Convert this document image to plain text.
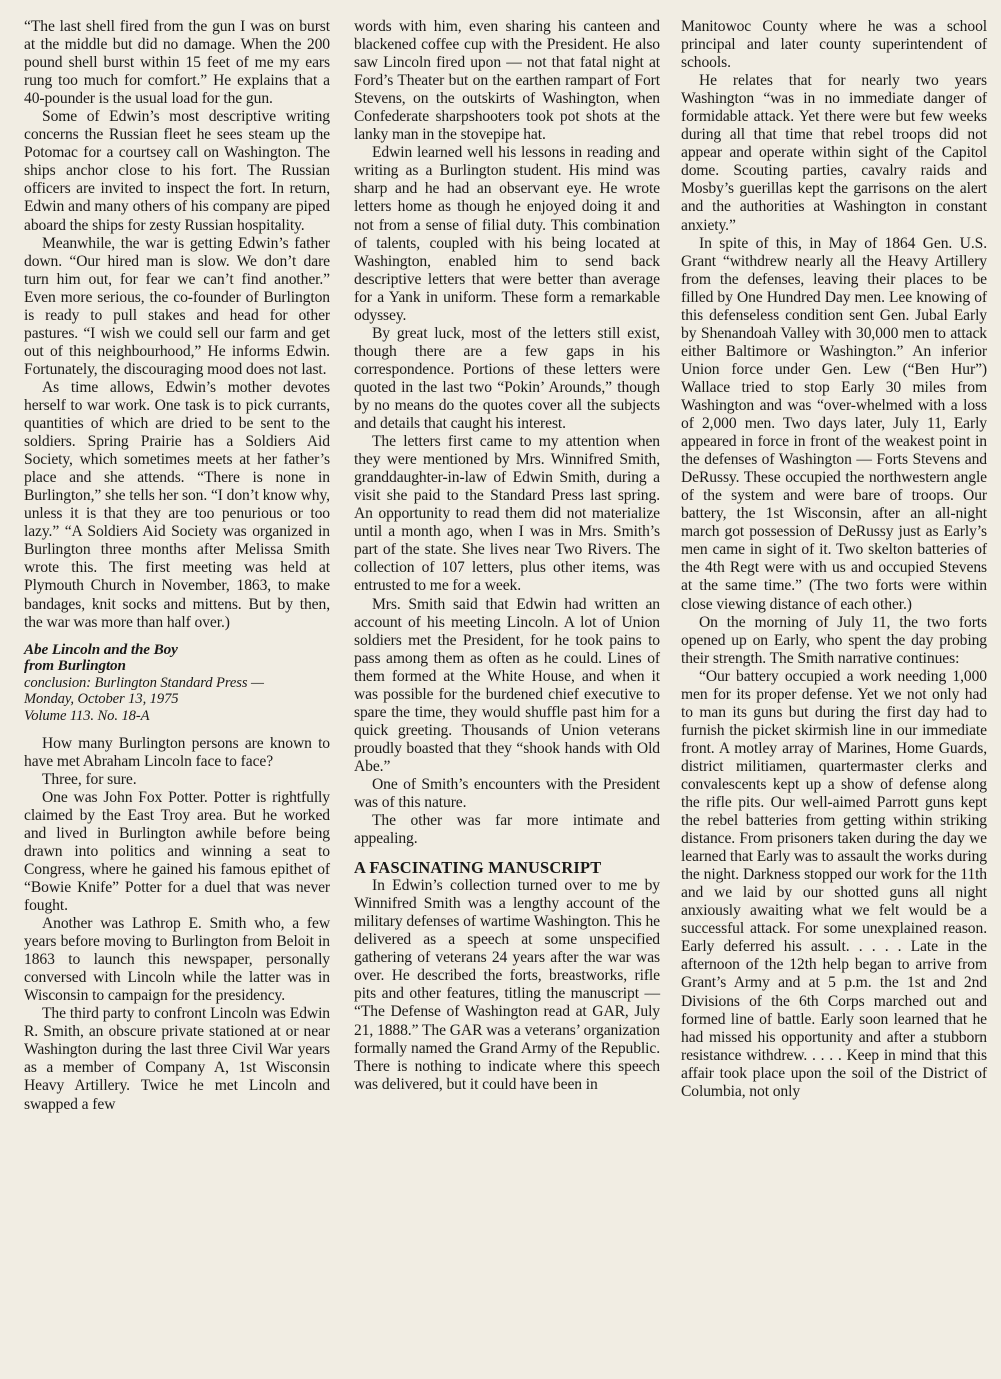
“The last shell fired from the gun I was on burst at the middle but did no damage. When the 200 pound shell burst within 15 feet of me my ears rung too much for comfort.” He explains that a 40-pounder is the usual load for the gun.

Some of Edwin’s most descriptive writing concerns the Russian fleet he sees steam up the Potomac for a courtsey call on Washington. The ships anchor close to his fort. The Russian officers are invited to inspect the fort. In return, Edwin and many others of his company are piped aboard the ships for zesty Russian hospitality.

Meanwhile, the war is getting Edwin’s father down. “Our hired man is slow. We don’t dare turn him out, for fear we can’t find another.” Even more serious, the co-founder of Burlington is ready to pull stakes and head for other pastures. “I wish we could sell our farm and get out of this neighbourhood,” He informs Edwin. Fortunately, the discouraging mood does not last.

As time allows, Edwin’s mother devotes herself to war work. One task is to pick currants, quantities of which are dried to be sent to the soldiers. Spring Prairie has a Soldiers Aid Society, which sometimes meets at her father’s place and she attends. “There is none in Burlington,” she tells her son. “I don’t know why, unless it is that they are too penurious or too lazy.” “A Soldiers Aid Society was organized in Burlington three months after Melissa Smith wrote this. The first meeting was held at Plymouth Church in November, 1863, to make bandages, knit socks and mittens. But by then, the war was more than half over.)

Abe Lincoln and the Boy
from Burlington
conclusion: Burlington Standard Press —
Monday, October 13, 1975
Volume 113. No. 18-A

How many Burlington persons are known to have met Abraham Lincoln face to face?

Three, for sure.

One was John Fox Potter. Potter is rightfully claimed by the East Troy area. But he worked and lived in Burlington awhile before being drawn into politics and winning a seat to Congress, where he gained his famous epithet of “Bowie Knife” Potter for a duel that was never fought.

Another was Lathrop E. Smith who, a few years before moving to Burlington from Beloit in 1863 to launch this newspaper, personally conversed with Lincoln while the latter was in Wisconsin to campaign for the presidency.

The third party to confront Lincoln was Edwin R. Smith, an obscure private stationed at or near Washington during the last three Civil War years as a member of Company A, 1st Wisconsin Heavy Artillery. Twice he met Lincoln and swapped a few

words with him, even sharing his canteen and blackened coffee cup with the President. He also saw Lincoln fired upon — not that fatal night at Ford’s Theater but on the earthen rampart of Fort Stevens, on the outskirts of Washington, when Confederate sharpshooters took pot shots at the lanky man in the stovepipe hat.

Edwin learned well his lessons in reading and writing as a Burlington student. His mind was sharp and he had an observant eye. He wrote letters home as though he enjoyed doing it and not from a sense of filial duty. This combination of talents, coupled with his being located at Washington, enabled him to send back descriptive letters that were better than average for a Yank in uniform. These form a remarkable odyssey.

By great luck, most of the letters still exist, though there are a few gaps in his correspondence. Portions of these letters were quoted in the last two “Pokin’ Arounds,” though by no means do the quotes cover all the subjects and details that caught his interest.

The letters first came to my attention when they were mentioned by Mrs. Winnifred Smith, granddaughter-in-law of Edwin Smith, during a visit she paid to the Standard Press last spring. An opportunity to read them did not materialize until a month ago, when I was in Mrs. Smith’s part of the state. She lives near Two Rivers. The collection of 107 letters, plus other items, was entrusted to me for a week.

Mrs. Smith said that Edwin had written an account of his meeting Lincoln. A lot of Union soldiers met the President, for he took pains to pass among them as often as he could. Lines of them formed at the White House, and when it was possible for the burdened chief executive to spare the time, they would shuffle past him for a quick greeting. Thousands of Union veterans proudly boasted that they “shook hands with Old Abe.”

One of Smith’s encounters with the President was of this nature.

The other was far more intimate and appealing.

A FASCINATING MANUSCRIPT

In Edwin’s collection turned over to me by Winnifred Smith was a lengthy account of the military defenses of wartime Washington. This he delivered as a speech at some unspecified gathering of veterans 24 years after the war was over. He described the forts, breastworks, rifle pits and other features, titling the manuscript — “The Defense of Washington read at GAR, July 21, 1888.” The GAR was a veterans’ organization formally named the Grand Army of the Republic. There is nothing to indicate where this speech was delivered, but it could have been in

Manitowoc County where he was a school principal and later county superintendent of schools.

He relates that for nearly two years Washington “was in no immediate danger of formidable attack. Yet there were but few weeks during all that time that rebel troops did not appear and operate within sight of the Capitol dome. Scouting parties, cavalry raids and Mosby’s guerillas kept the garrisons on the alert and the authorities at Washington in constant anxiety.”

In spite of this, in May of 1864 Gen. U.S. Grant “withdrew nearly all the Heavy Artillery from the defenses, leaving their places to be filled by One Hundred Day men. Lee knowing of this defenseless condition sent Gen. Jubal Early by Shenandoah Valley with 30,000 men to attack either Baltimore or Washington.” An inferior Union force under Gen. Lew (“Ben Hur”) Wallace tried to stop Early 30 miles from Washington and was “over-whelmed with a loss of 2,000 men. Two days later, July 11, Early appeared in force in front of the weakest point in the defenses of Washington — Forts Stevens and DeRussy. These occupied the northwestern angle of the system and were bare of troops. Our battery, the 1st Wisconsin, after an all-night march got possession of DeRussy just as Early’s men came in sight of it. Two skelton batteries of the 4th Regt were with us and occupied Stevens at the same time.” (The two forts were within close viewing distance of each other.)

On the morning of July 11, the two forts opened up on Early, who spent the day probing their strength. The Smith narrative continues:

“Our battery occupied a work needing 1,000 men for its proper defense. Yet we not only had to man its guns but during the first day had to furnish the picket skirmish line in our immediate front. A motley array of Marines, Home Guards, district militiamen, quartermaster clerks and convalescents kept up a show of defense along the rifle pits. Our well-aimed Parrott guns kept the rebel batteries from getting within striking distance. From prisoners taken during the day we learned that Early was to assault the works during the night. Darkness stopped our work for the 11th and we laid by our shotted guns all night anxiously awaiting what we felt would be a successful attack. For some unexplained reason. Early deferred his assult. . . . . Late in the afternoon of the 12th help began to arrive from Grant’s Army and at 5 p.m. the 1st and 2nd Divisions of the 6th Corps marched out and formed line of battle. Early soon learned that he had missed his opportunity and after a stubborn resistance withdrew. . . . . Keep in mind that this affair took place upon the soil of the District of Columbia, not only
